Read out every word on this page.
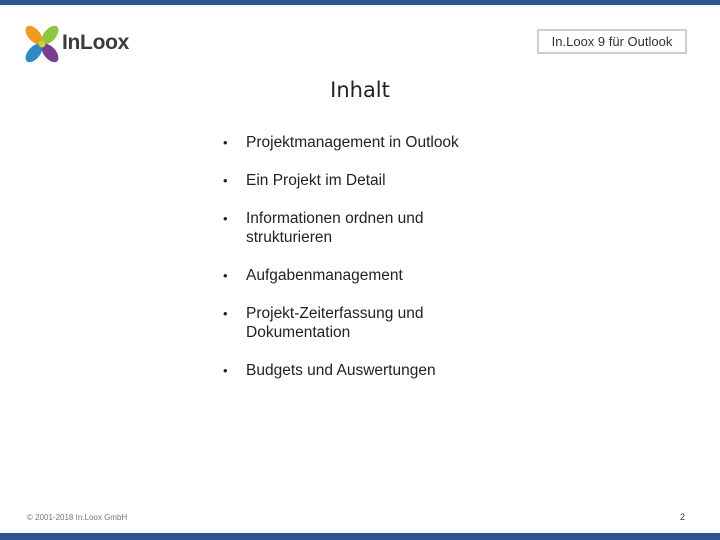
InLoox	In.Loox 9 für Outlook
Inhalt
• Projektmanagement in Outlook
• Ein Projekt im Detail
• Informationen ordnen und
strukturieren
• Aufgabenmanagement
• Projekt-Zeiterfassung und
Dokumentation
• Budgets und Auswertungen
© 2001-2018 In.Loox GmbH	2
